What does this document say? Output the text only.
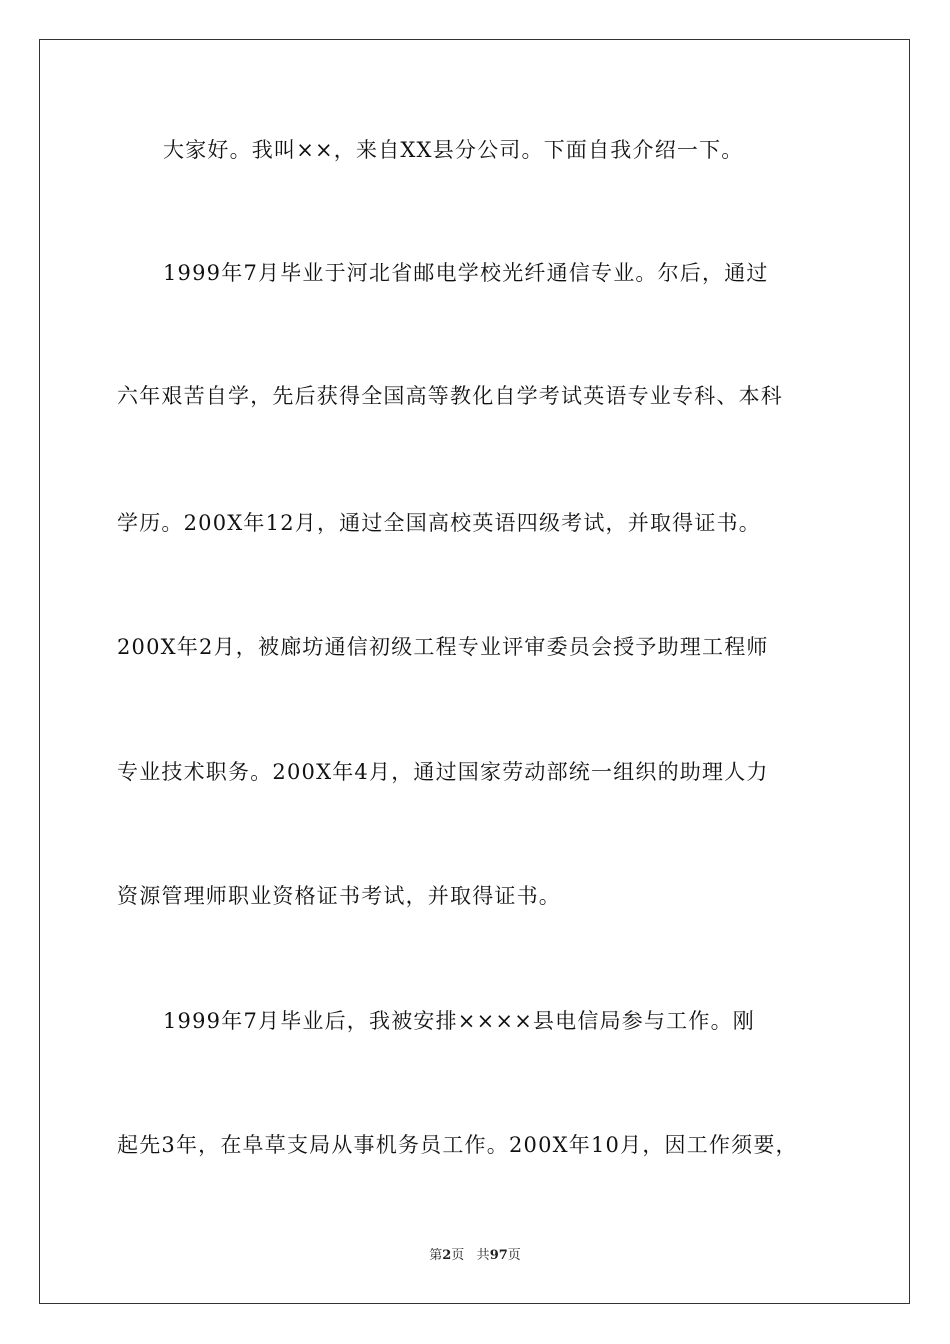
大家好。我叫××，来自XX县分公司。下面自我介绍一下。
1999年7月毕业于河北省邮电学校光纤通信专业。尔后，通过
六年艰苦自学，先后获得全国高等教化自学考试英语专业专科、本科
学历。200X年12月，通过全国高校英语四级考试，并取得证书。
200X年2月，被廊坊通信初级工程专业评审委员会授予助理工程师
专业技术职务。200X年4月，通过国家劳动部统一组织的助理人力
资源管理师职业资格证书考试，并取得证书。
1999年7月毕业后，我被安排××××县电信局参与工作。刚
起先3年，在阜草支局从事机务员工作。200X年10月，因工作须要，
第2页 共97页
